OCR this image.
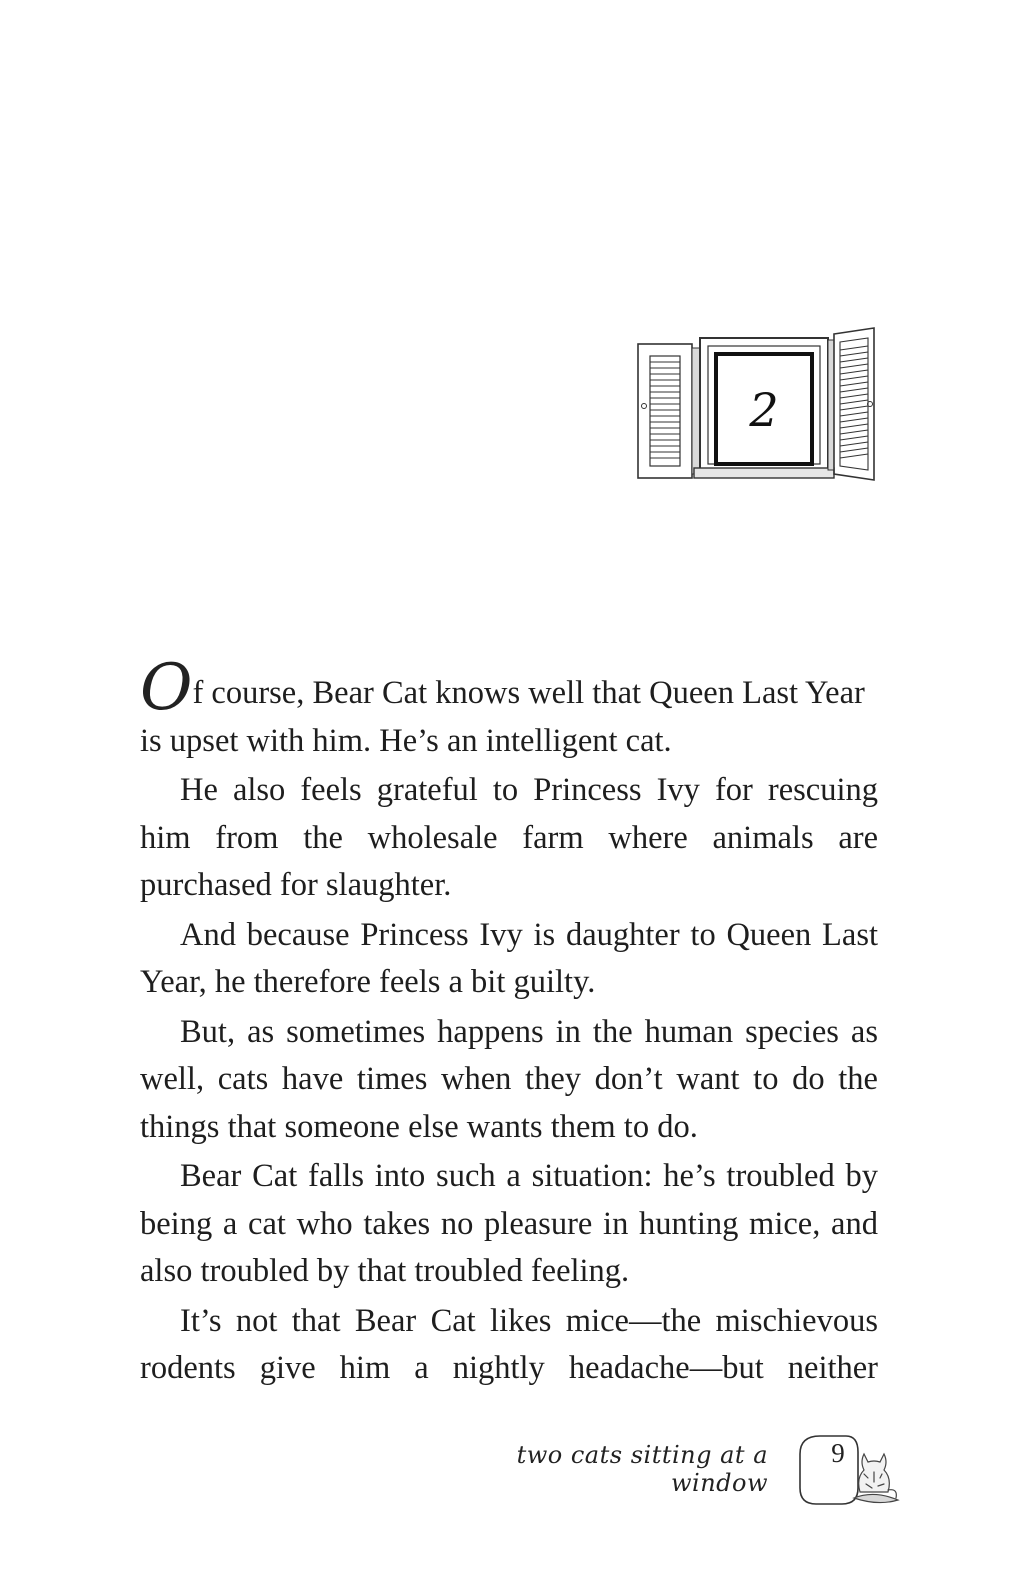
2

Of course, Bear Cat knows well that Queen Last Year is upset with him. He’s an intelligent cat.

He also feels grateful to Princess Ivy for rescuing him from the wholesale farm where animals are purchased for slaughter.

And because Princess Ivy is daughter to Queen Last Year, he therefore feels a bit guilty.

But, as sometimes happens in the human species as well, cats have times when they don’t want to do the things that someone else wants them to do.

Bear Cat falls into such a situation: he’s troubled by being a cat who takes no pleasure in hunting mice, and also troubled by that troubled feeling.

It’s not that Bear Cat likes mice—the mischievous rodents give him a nightly headache—but neither

two cats sitting at a window
9
